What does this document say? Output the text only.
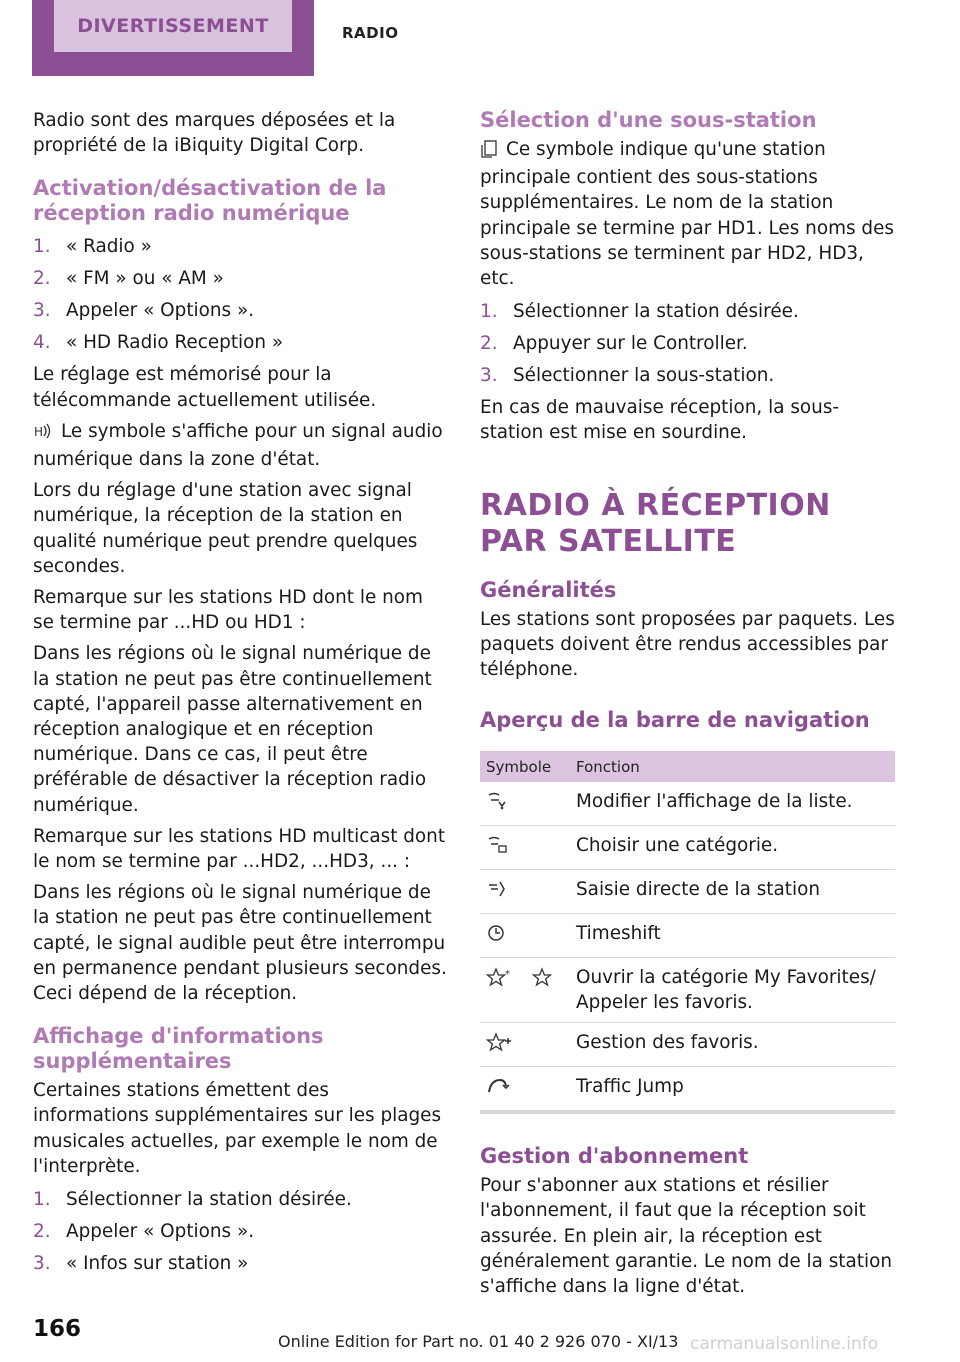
DIVERTISSEMENT	RADIO

Radio sont des marques déposées et la propriété de la iBiquity Digital Corp.

Activation/désactivation de la réception radio numérique
1. « Radio »
2. « FM » ou « AM »
3. Appeler « Options ».
4. « HD Radio Reception »

Le réglage est mémorisé pour la télécommande actuellement utilisée.

H Le symbole s'affiche pour un signal audio numérique dans la zone d'état.

Lors du réglage d'une station avec signal numérique, la réception de la station en qualité numérique peut prendre quelques secondes.

Remarque sur les stations HD dont le nom se termine par ...HD ou HD1 :

Dans les régions où le signal numérique de la station ne peut pas être continuellement capté, l'appareil passe alternativement en réception analogique et en réception numérique. Dans ce cas, il peut être préférable de désactiver la réception radio numérique.

Remarque sur les stations HD multicast dont le nom se termine par ...HD2, ...HD3, ... :

Dans les régions où le signal numérique de la station ne peut pas être continuellement capté, le signal audible peut être interrompu en permanence pendant plusieurs secondes. Ceci dépend de la réception.

Affichage d'informations supplémentaires

Certaines stations émettent des informations supplémentaires sur les plages musicales actuelles, par exemple le nom de l'interprète.

1. Sélectionner la station désirée.
2. Appeler « Options ».
3. « Infos sur station »
Sélection d'une sous-station

Ce symbole indique qu'une station principale contient des sous-stations supplémentaires. Le nom de la station principale se termine par HD1. Les noms des sous-stations se terminent par HD2, HD3, etc.

1. Sélectionner la station désirée.
2. Appuyer sur le Controller.
3. Sélectionner la sous-station.

En cas de mauvaise réception, la sous-station est mise en sourdine.

RADIO À RÉCEPTION PAR SATELLITE
Généralités

Les stations sont proposées par paquets. Les paquets doivent être rendus accessibles par téléphone.

Aperçu de la barre de navigation
Symbole	Fonction
	Modifier l'affichage de la liste.
	Choisir une catégorie.
	Saisie directe de la station
	Timeshift

*	Ouvrir la catégorie My Favorites/ Appeler les favoris.
	Gestion des favoris.
	Traffic Jump
Gestion d'abonnement

Pour s'abonner aux stations et résilier l'abonnement, il faut que la réception soit assurée. En plein air, la réception est généralement garantie. Le nom de la station s'affiche dans la ligne d'état.

166	Online Edition for Part no. 01 40 2 926 070 - XI/13 carmanualsonline.info
